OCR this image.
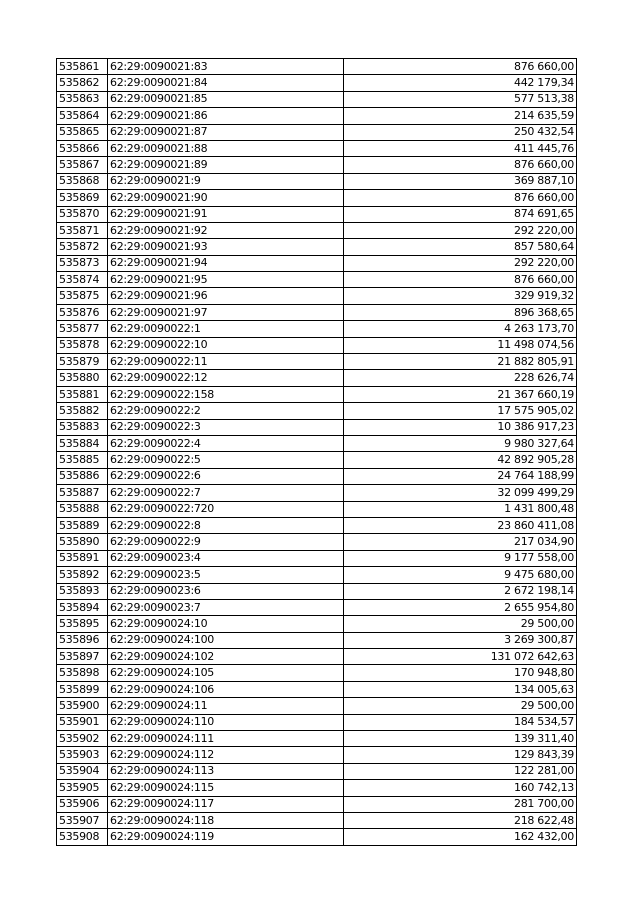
535861	62:29:0090021:83	876 660,00
535862	62:29:0090021:84	442 179,34
535863	62:29:0090021:85	577 513,38
535864	62:29:0090021:86	214 635,59
535865	62:29:0090021:87	250 432,54
535866	62:29:0090021:88	411 445,76
535867	62:29:0090021:89	876 660,00
535868	62:29:0090021:9	369 887,10
535869	62:29:0090021:90	876 660,00
535870	62:29:0090021:91	874 691,65
535871	62:29:0090021:92	292 220,00
535872	62:29:0090021:93	857 580,64
535873	62:29:0090021:94	292 220,00
535874	62:29:0090021:95	876 660,00
535875	62:29:0090021:96	329 919,32
535876	62:29:0090021:97	896 368,65
535877	62:29:0090022:1	4 263 173,70
535878	62:29:0090022:10	11 498 074,56
535879	62:29:0090022:11	21 882 805,91
535880	62:29:0090022:12	228 626,74
535881	62:29:0090022:158	21 367 660,19
535882	62:29:0090022:2	17 575 905,02
535883	62:29:0090022:3	10 386 917,23
535884	62:29:0090022:4	9 980 327,64
535885	62:29:0090022:5	42 892 905,28
535886	62:29:0090022:6	24 764 188,99
535887	62:29:0090022:7	32 099 499,29
535888	62:29:0090022:720	1 431 800,48
535889	62:29:0090022:8	23 860 411,08
535890	62:29:0090022:9	217 034,90
535891	62:29:0090023:4	9 177 558,00
535892	62:29:0090023:5	9 475 680,00
535893	62:29:0090023:6	2 672 198,14
535894	62:29:0090023:7	2 655 954,80
535895	62:29:0090024:10	29 500,00
535896	62:29:0090024:100	3 269 300,87
535897	62:29:0090024:102	131 072 642,63
535898	62:29:0090024:105	170 948,80
535899	62:29:0090024:106	134 005,63
535900	62:29:0090024:11	29 500,00
535901	62:29:0090024:110	184 534,57
535902	62:29:0090024:111	139 311,40
535903	62:29:0090024:112	129 843,39
535904	62:29:0090024:113	122 281,00
535905	62:29:0090024:115	160 742,13
535906	62:29:0090024:117	281 700,00
535907	62:29:0090024:118	218 622,48
535908	62:29:0090024:119	162 432,00
